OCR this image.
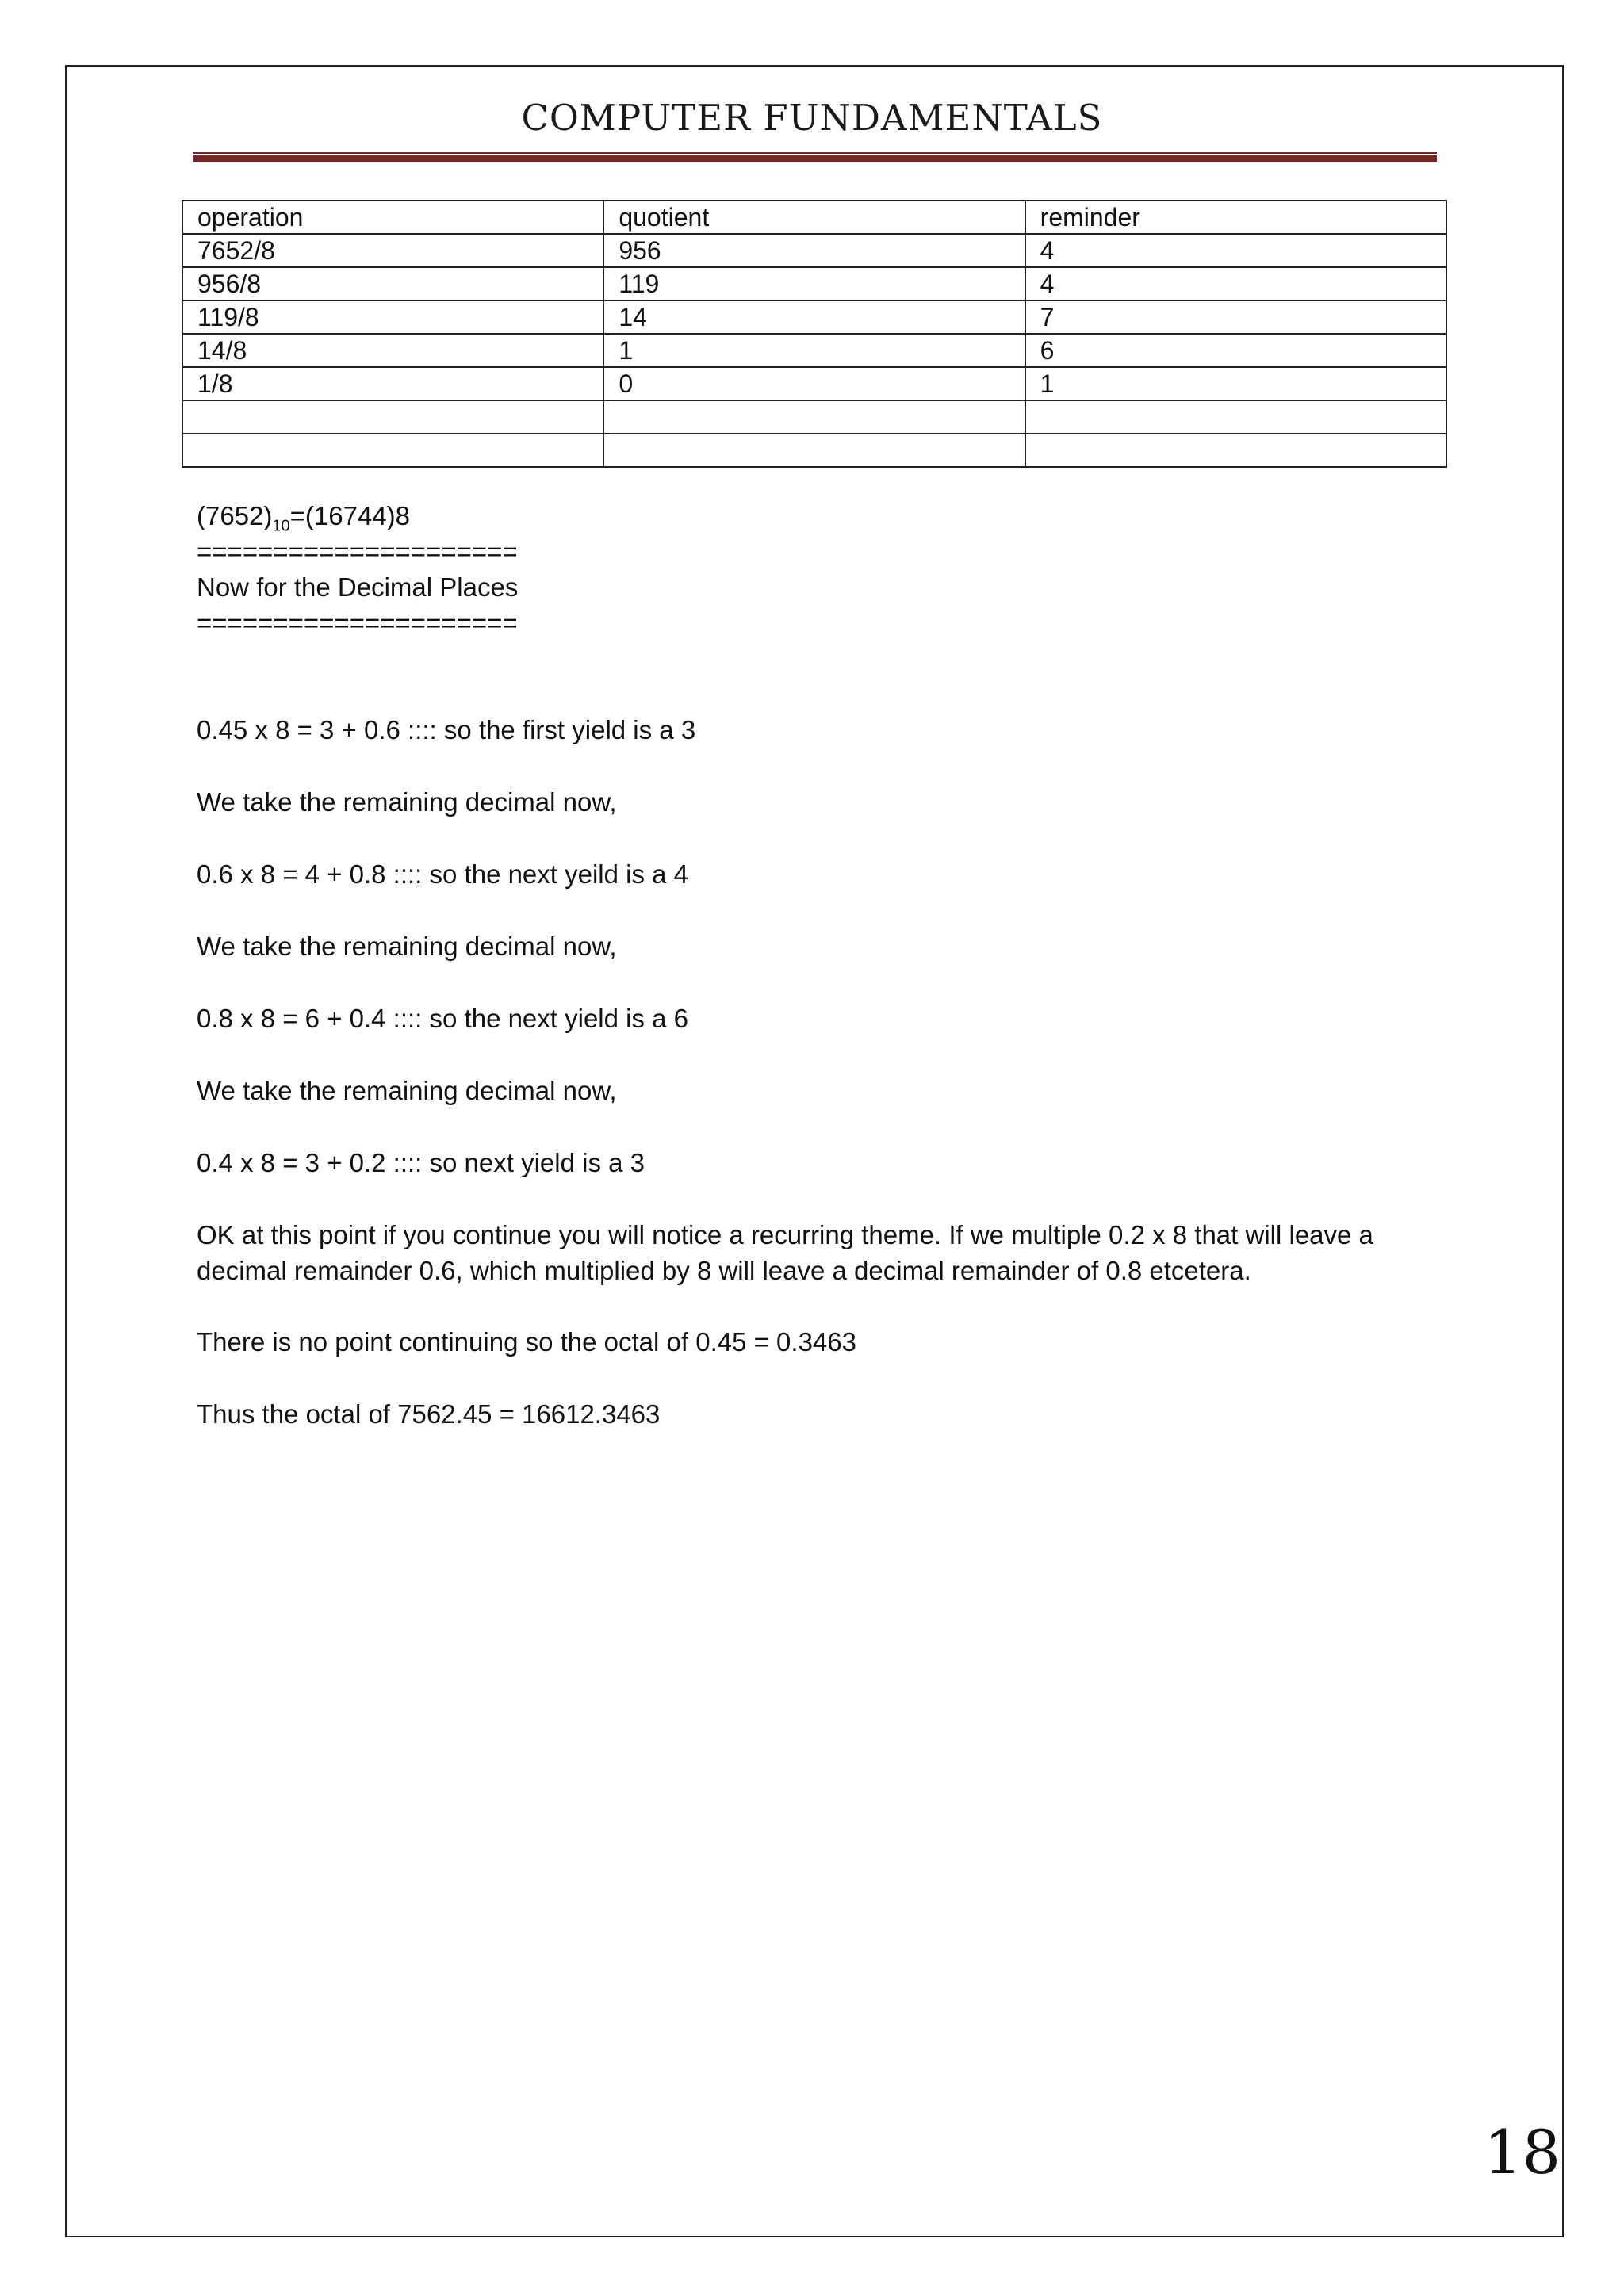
COMPUTER FUNDAMENTALS
operation	quotient	reminder
7652/8	956	4
956/8	119	4
119/8	14	7
14/8	1	6
1/8	0	1

$(7652)_{10}=(16744)8$
=====================
Now for the Decimal Places
=====================
0.45 x 8 = 3 + 0.6 :::: so the first yield is a 3
We take the remaining decimal now,
0.6 x 8 = 4 + 0.8 :::: so the next yeild is a 4
We take the remaining decimal now,
0.8 x 8 = 6 + 0.4 :::: so the next yield is a 6
We take the remaining decimal now,
0.4 x 8 = 3 + 0.2 :::: so next yield is a 3
OK at this point if you continue you will notice a recurring theme. If we multiple 0.2 x 8 that will leave a decimal remainder 0.6, which multiplied by 8 will leave a decimal remainder of 0.8 etcetera.
There is no point continuing so the octal of 0.45 = 0.3463
Thus the octal of 7562.45 = 16612.3463
18
